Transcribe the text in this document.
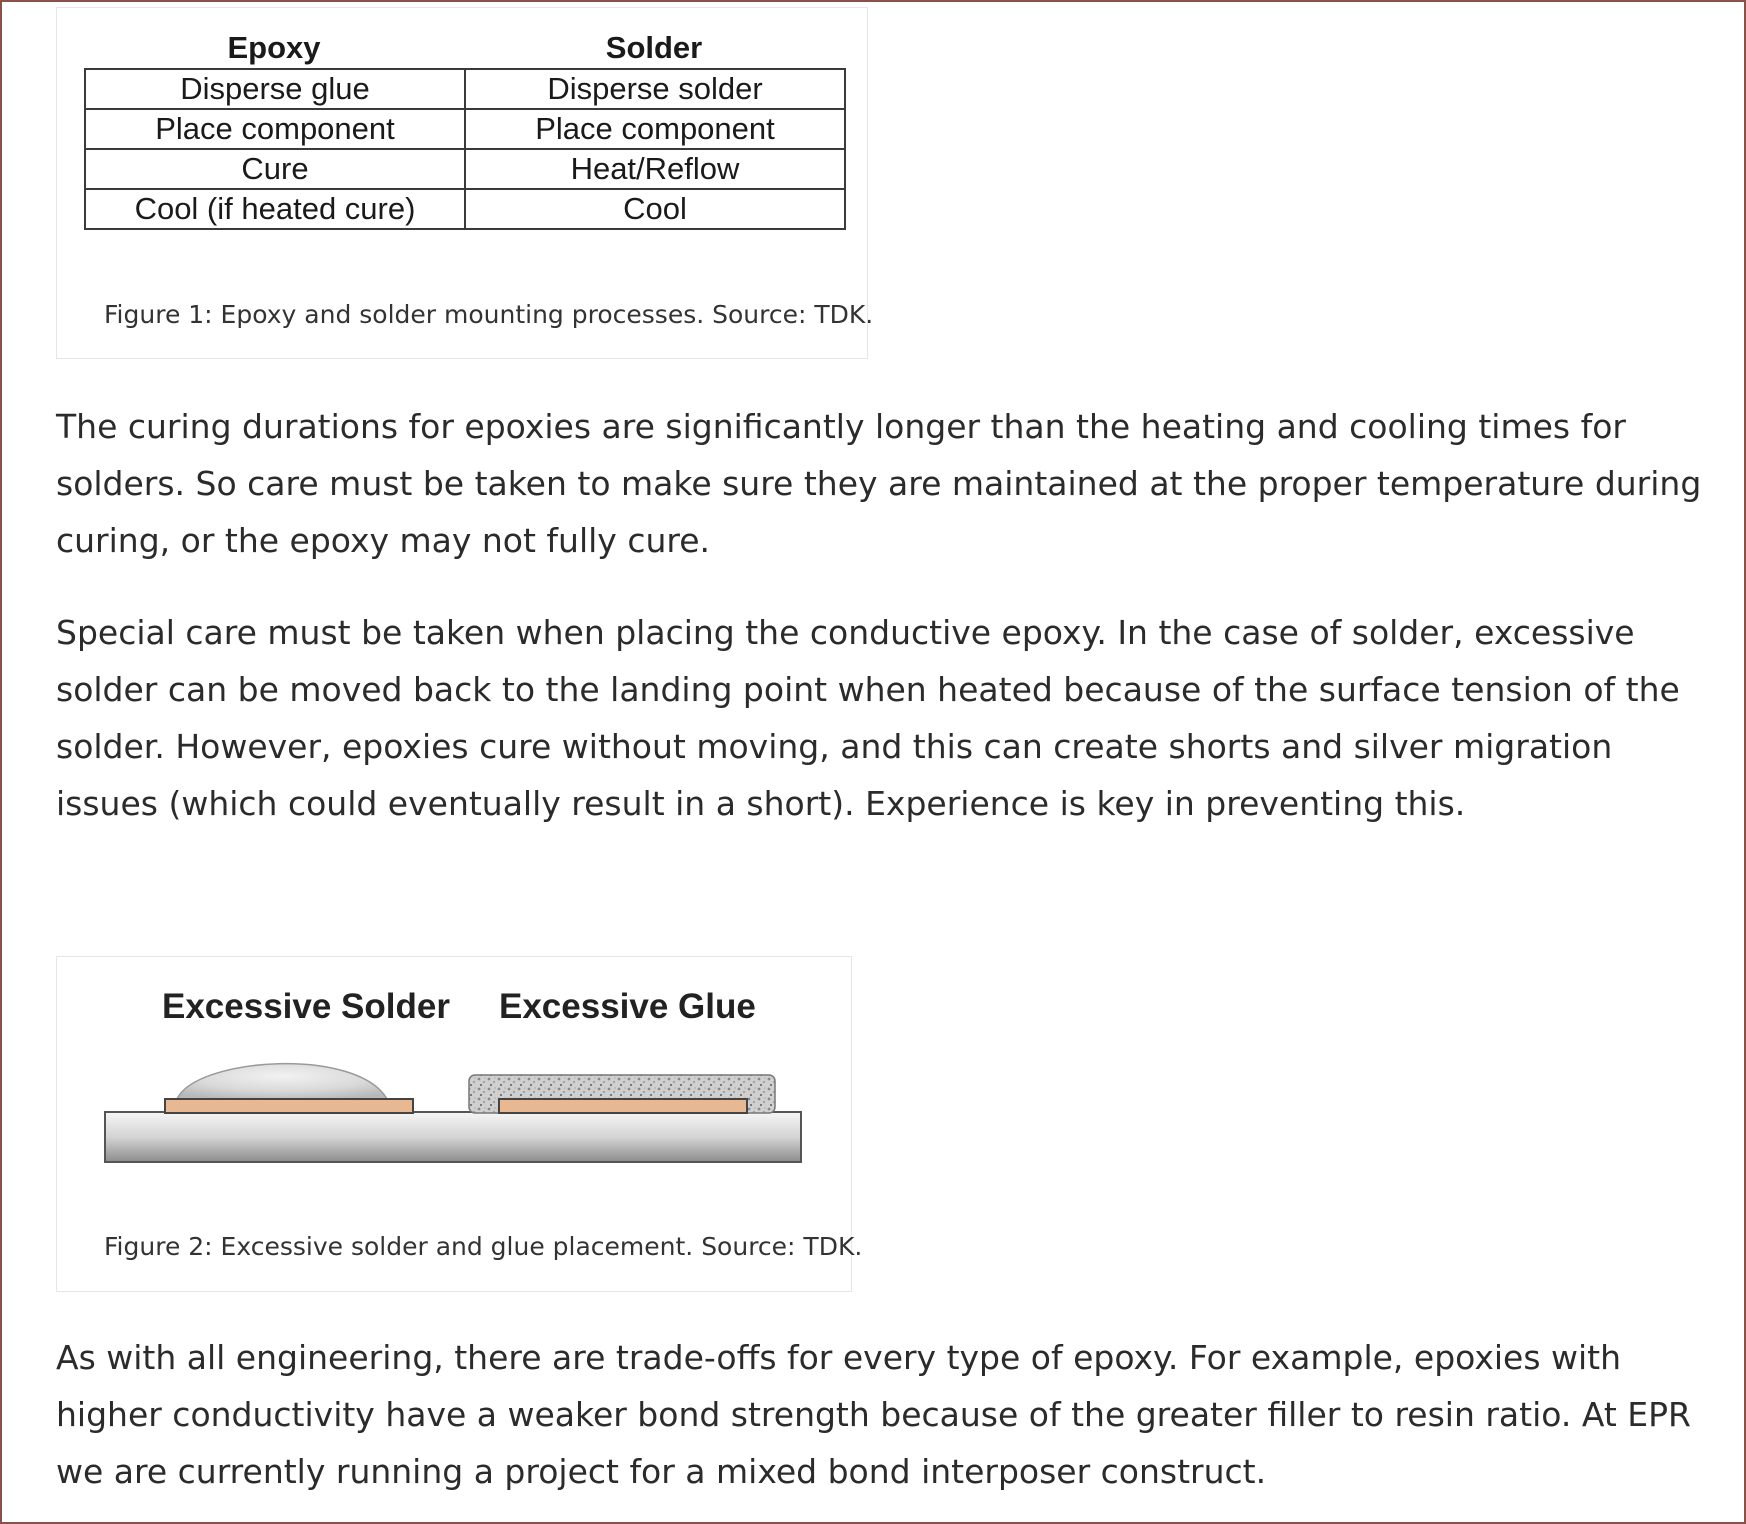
Epoxy	Solder
Disperse glue	Disperse solder
Place component	Place component
Cure	Heat/Reflow
Cool (if heated cure)	Cool
Figure 1: Epoxy and solder mounting processes. Source: TDK.

The curing durations for epoxies are significantly longer than the heating and cooling times for solders. So care must be taken to make sure they are maintained at the proper temperature during curing, or the epoxy may not fully cure.

Special care must be taken when placing the conductive epoxy. In the case of solder, excessive solder can be moved back to the landing point when heated because of the surface tension of the solder. However, epoxies cure without moving, and this can create shorts and silver migration issues (which could eventually result in a short). Experience is key in preventing this.

Excessive Solder Excessive Glue
Figure 2: Excessive solder and glue placement. Source: TDK.

As with all engineering, there are trade-offs for every type of epoxy. For example, epoxies with higher conductivity have a weaker bond strength because of the greater filler to resin ratio. At EPR we are currently running a project for a mixed bond interposer construct.
